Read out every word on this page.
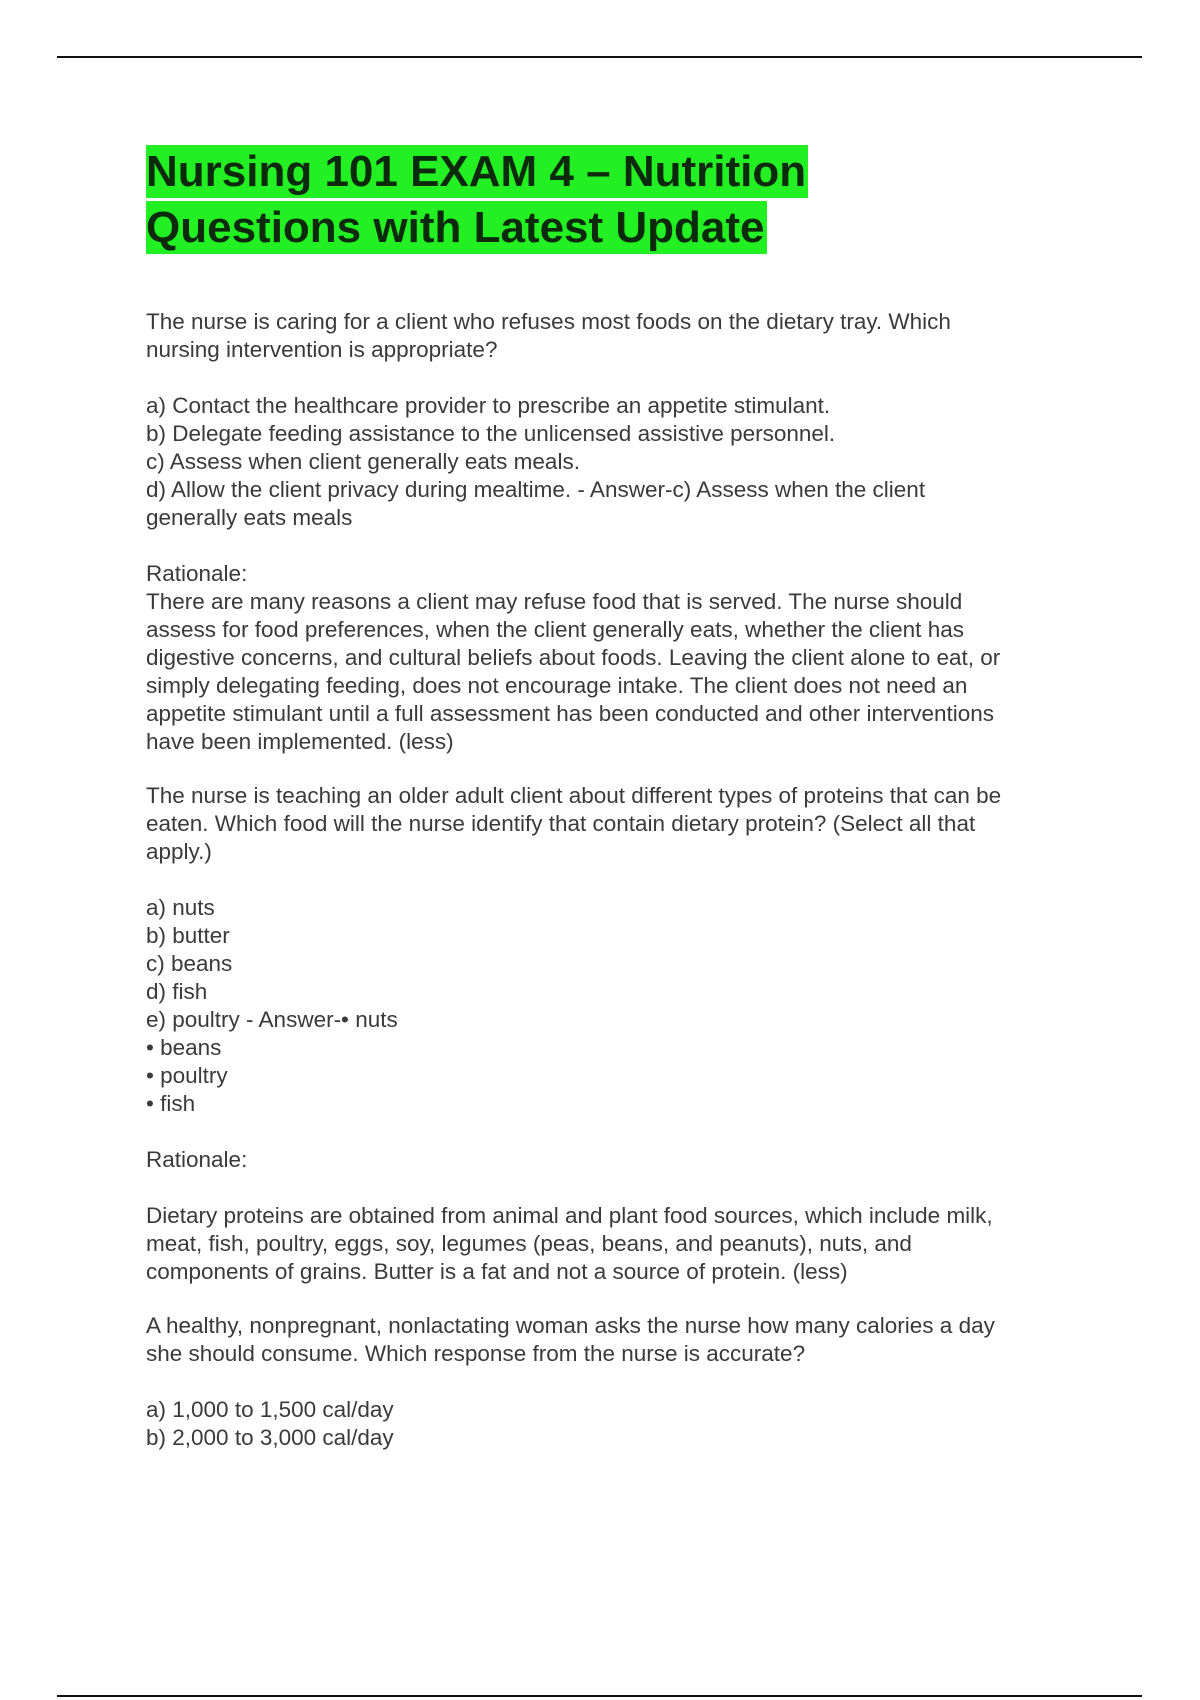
Nursing 101 EXAM 4 – Nutrition
Questions with Latest Update

The nurse is caring for a client who refuses most foods on the dietary tray. Which
nursing intervention is appropriate?

a) Contact the healthcare provider to prescribe an appetite stimulant.
b) Delegate feeding assistance to the unlicensed assistive personnel.
c) Assess when client generally eats meals.
d) Allow the client privacy during mealtime. - Answer-c) Assess when the client
generally eats meals

Rationale:
There are many reasons a client may refuse food that is served. The nurse should
assess for food preferences, when the client generally eats, whether the client has
digestive concerns, and cultural beliefs about foods. Leaving the client alone to eat, or
simply delegating feeding, does not encourage intake. The client does not need an
appetite stimulant until a full assessment has been conducted and other interventions
have been implemented. (less)

The nurse is teaching an older adult client about different types of proteins that can be
eaten. Which food will the nurse identify that contain dietary protein? (Select all that
apply.)

a) nuts
b) butter
c) beans
d) fish
e) poultry - Answer-• nuts
• beans
• poultry
• fish

Rationale:

Dietary proteins are obtained from animal and plant food sources, which include milk,
meat, fish, poultry, eggs, soy, legumes (peas, beans, and peanuts), nuts, and
components of grains. Butter is a fat and not a source of protein. (less)

A healthy, nonpregnant, nonlactating woman asks the nurse how many calories a day
she should consume. Which response from the nurse is accurate?

a) 1,000 to 1,500 cal/day
b) 2,000 to 3,000 cal/day
